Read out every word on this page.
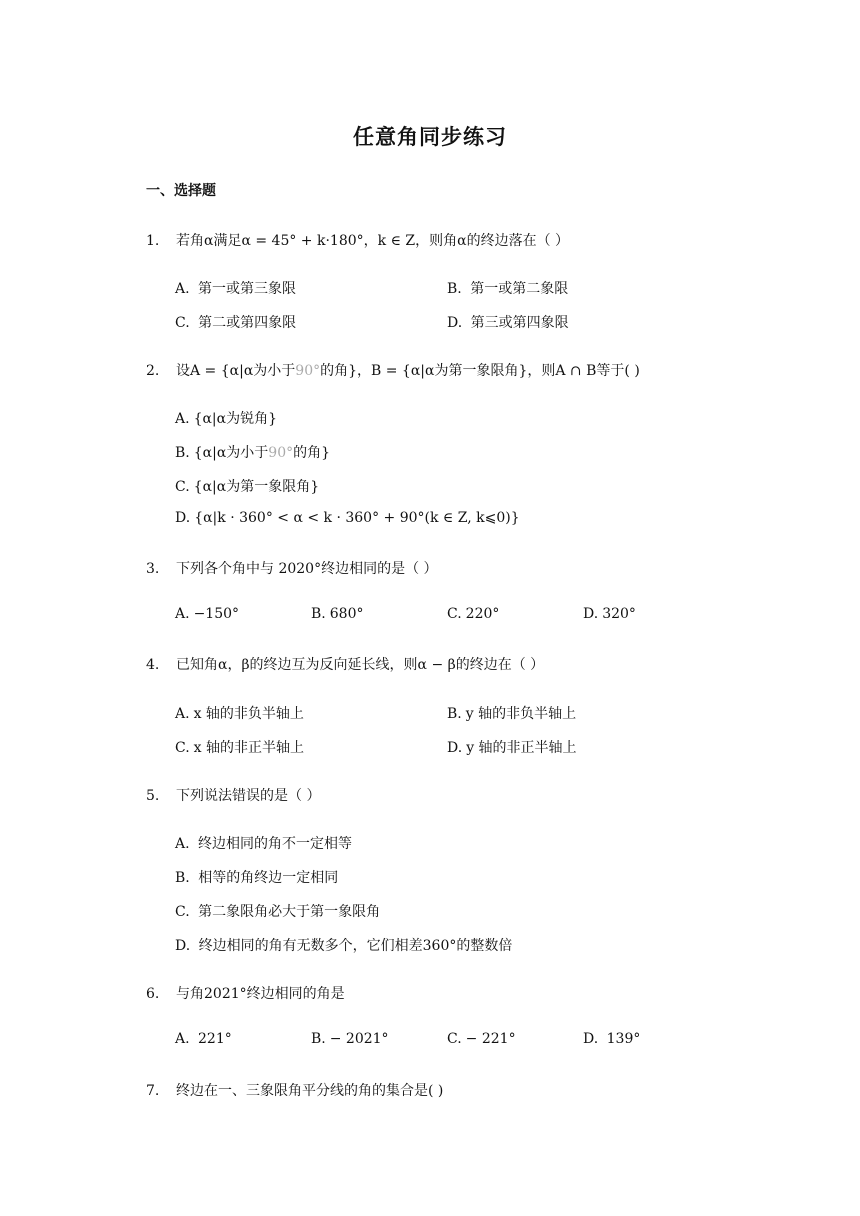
任意角同步练习
一、选择题
1. 若角α满足α = 45° + k·180°，k ∈ Z，则角α的终边落在（ ）
A. 第一或第三象限	B. 第一或第二象限
C. 第二或第四象限	D. 第三或第四象限
2. 设A = {α|α为小于90°的角}，B = {α|α为第一象限角}，则A ∩ B等于( )
A. {α|α为锐角}
B. {α|α为小于90°的角}
C. {α|α为第一象限角}
D. {α|k · 360° < α < k · 360° + 90°(k ∈ Z, k⩽0)}
3. 下列各个角中与 2020°终边相同的是（ ）
A. −150°	B. 680°	C. 220°	D. 320°
4. 已知角α，β的终边互为反向延长线，则α − β的终边在（ ）
A. x 轴的非负半轴上	B. y 轴的非负半轴上
C. x 轴的非正半轴上	D. y 轴的非正半轴上
5. 下列说法错误的是（ ）
A. 终边相同的角不一定相等
B. 相等的角终边一定相同
C. 第二象限角必大于第一象限角
D. 终边相同的角有无数多个，它们相差360°的整数倍
6. 与角2021°终边相同的角是
A. 221°	B. − 2021°	C. − 221°	D. 139°
7. 终边在一、三象限角平分线的角的集合是( )
